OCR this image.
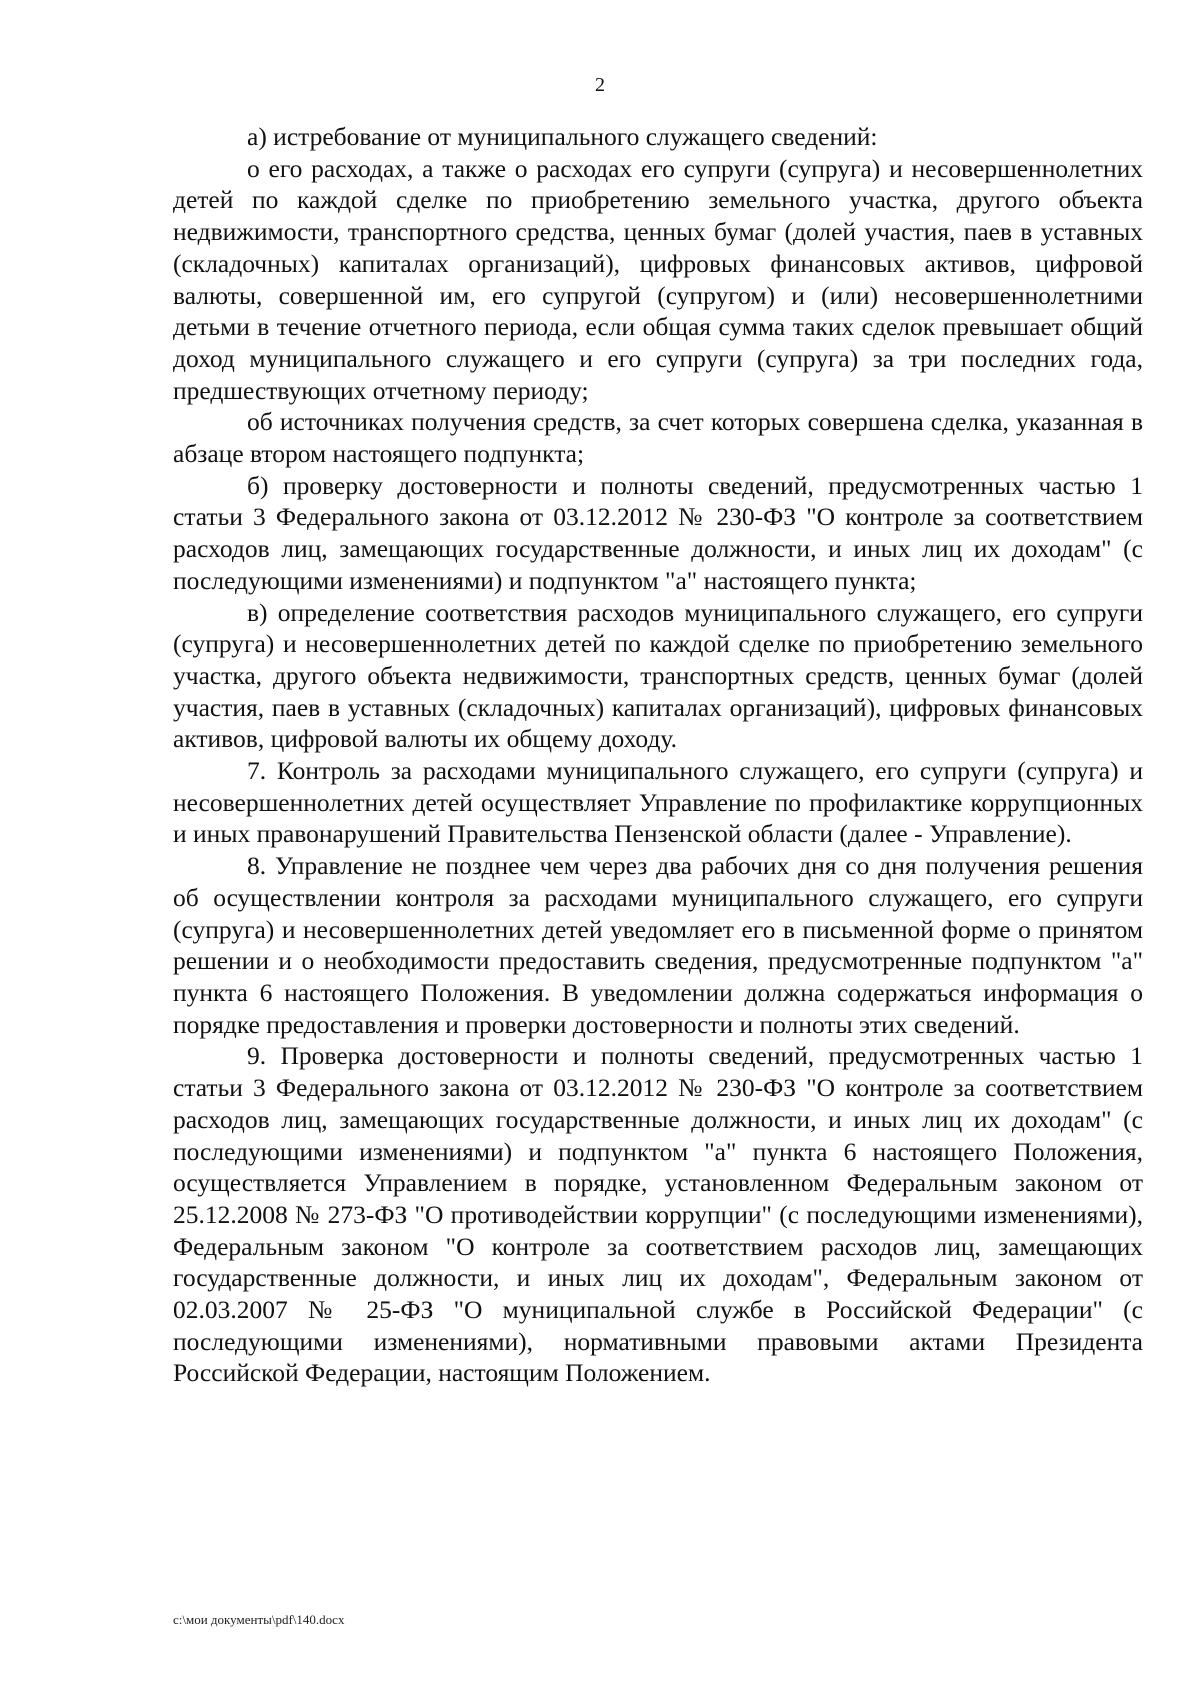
2

а) истребование от муниципального служащего сведений:

о его расходах, а также о расходах его супруги (супруга) и несовершеннолетних детей по каждой сделке по приобретению земельного участка, другого объекта недвижимости, транспортного средства, ценных бумаг (долей участия, паев в уставных (складочных) капиталах организаций), цифровых финансовых активов, цифровой валюты, совершенной им, его супругой (супругом) и (или) несовершеннолетними детьми в течение отчетного периода, если общая сумма таких сделок превышает общий доход муниципального служащего и его супруги (супруга) за три последних года, предшествующих отчетному периоду;

об источниках получения средств, за счет которых совершена сделка, указанная в абзаце втором настоящего подпункта;

б) проверку достоверности и полноты сведений, предусмотренных частью 1 статьи 3 Федерального закона от 03.12.2012 № 230-ФЗ "О контроле за соответствием расходов лиц, замещающих государственные должности, и иных лиц их доходам" (с последующими изменениями) и подпунктом "а" настоящего пункта;

в) определение соответствия расходов муниципального служащего, его супруги (супруга) и несовершеннолетних детей по каждой сделке по приобретению земельного участка, другого объекта недвижимости, транспортных средств, ценных бумаг (долей участия, паев в уставных (складочных) капиталах организаций), цифровых финансовых активов, цифровой валюты их общему доходу.

7. Контроль за расходами муниципального служащего, его супруги (супруга) и несовершеннолетних детей осуществляет Управление по профилактике коррупционных и иных правонарушений Правительства Пензенской области (далее - Управление).

8. Управление не позднее чем через два рабочих дня со дня получения решения об осуществлении контроля за расходами муниципального служащего, его супруги (супруга) и несовершеннолетних детей уведомляет его в письменной форме о принятом решении и о необходимости предоставить сведения, предусмотренные подпунктом "а" пункта 6 настоящего Положения. В уведомлении должна содержаться информация о порядке предоставления и проверки достоверности и полноты этих сведений.

9. Проверка достоверности и полноты сведений, предусмотренных частью 1 статьи 3 Федерального закона от 03.12.2012 № 230-ФЗ "О контроле за соответствием расходов лиц, замещающих государственные должности, и иных лиц их доходам" (с последующими изменениями) и подпунктом "а" пункта 6 настоящего Положения, осуществляется Управлением в порядке, установленном Федеральным законом от 25.12.2008 № 273-ФЗ "О противодействии коррупции" (с последующими изменениями), Федеральным законом "О контроле за соответствием расходов лиц, замещающих государственные должности, и иных лиц их доходам", Федеральным законом от 02.03.2007 № 25-ФЗ "О муниципальной службе в Российской Федерации" (с последующими изменениями), нормативными правовыми актами Президента Российской Федерации, настоящим Положением.

c:\мои документы\pdf\140.docx
